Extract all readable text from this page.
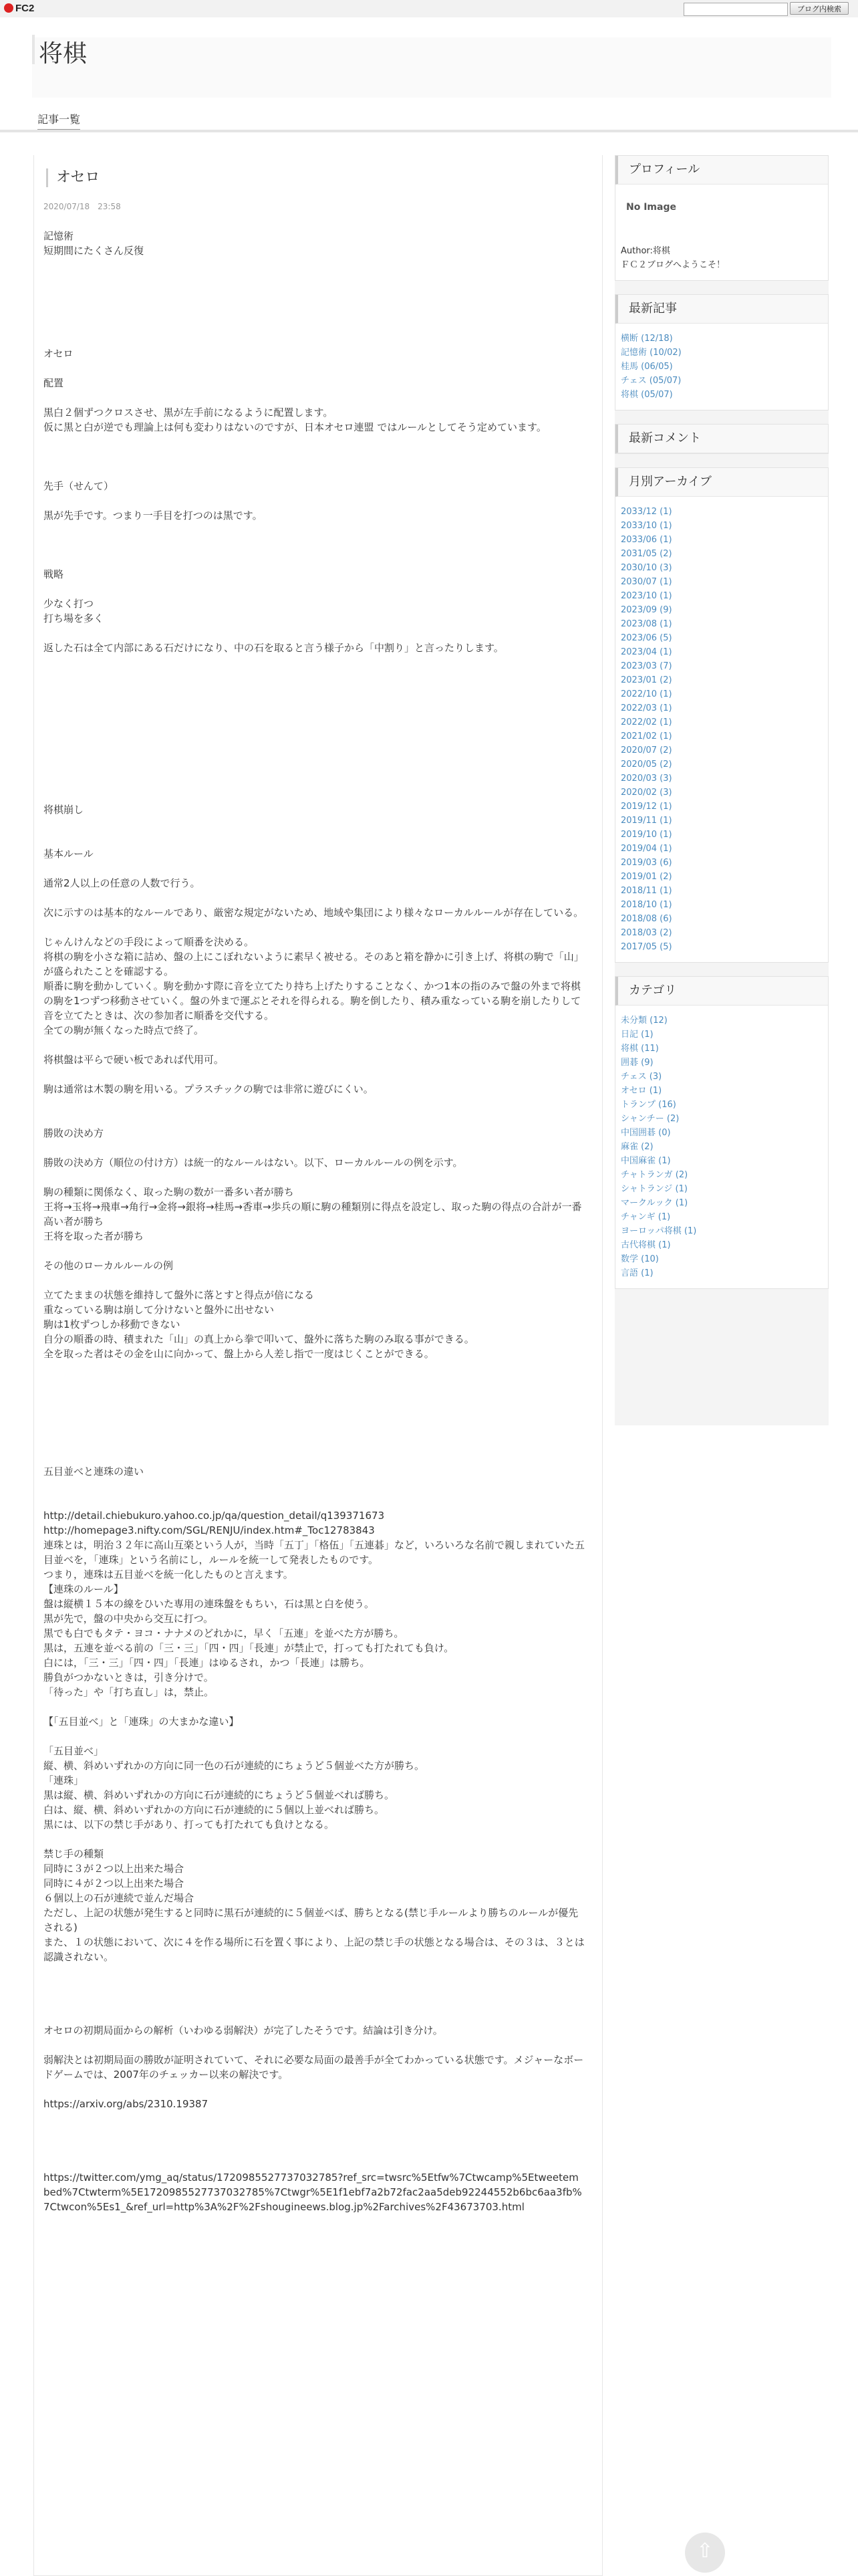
FC2	ブログ内検索
将棋
記事一覧
オセロ
2020/07/18　23:58

記憶術

短期間にたくさん反復

オセロ

配置

黒白２個ずつクロスさせ、黒が左手前になるように配置します。
仮に黒と白が逆でも理論上は何も変わりはないのですが、日本オセロ連盟 ではルールとしてそう定めています。

先手（せんて）

黒が先手です。つまり一手目を打つのは黒です。

戦略

少なく打つ
打ち場を多く

返した石は全て内部にある石だけになり、中の石を取ると言う様子から「中割り」と言ったりします。

将棋崩し

基本ルール

通常2人以上の任意の人数で行う。

次に示すのは基本的なルールであり、厳密な規定がないため、地域や集団により様々なローカルルールが存在している。

じゃんけんなどの手段によって順番を決める。
将棋の駒を小さな箱に詰め、盤の上にこぼれないように素早く被せる。そのあと箱を静かに引き上げ、将棋の駒で「山」が盛られたことを確認する。
順番に駒を動かしていく。駒を動かす際に音を立てたり持ち上げたりすることなく、かつ1本の指のみで盤の外まで将棋の駒を1つずつ移動させていく。盤の外まで運ぶとそれを得られる。駒を倒したり、積み重なっている駒を崩したりして音を立てたときは、次の参加者に順番を交代する。
全ての駒が無くなった時点で終了。

将棋盤は平らで硬い板であれば代用可。

駒は通常は木製の駒を用いる。プラスチックの駒では非常に遊びにくい。

勝敗の決め方

勝敗の決め方（順位の付け方）は統一的なルールはない。以下、ローカルルールの例を示す。

駒の種類に関係なく、取った駒の数が一番多い者が勝ち
王将→玉将→飛車→角行→金将→銀将→桂馬→香車→歩兵の順に駒の種類別に得点を設定し、取った駒の得点の合計が一番高い者が勝ち
王将を取った者が勝ち

その他のローカルルールの例

立てたままの状態を維持して盤外に落とすと得点が倍になる
重なっている駒は崩して分けないと盤外に出せない
駒は1枚ずつしか移動できない
自分の順番の時、積まれた「山」の真上から拳で叩いて、盤外に落ちた駒のみ取る事ができる。
全を取った者はその金を山に向かって、盤上から人差し指で一度はじくことができる。

五目並べと連珠の違い

http://detail.chiebukuro.yahoo.co.jp/qa/question_detail/q139371673
http://homepage3.nifty.com/SGL/RENJU/index.htm#_Toc12783843
連珠とは，明治３２年に高山互楽という人が，当時「五丁」「格伍」「五連碁」など，いろいろな名前で親しまれていた五目並べを，「連珠」という名前にし，ルールを統一して発表したものです。
つまり，連珠は五目並べを統一化したものと言えます。
【連珠のルール】
盤は縦横１５本の線をひいた専用の連珠盤をもちい，石は黒と白を使う。
黒が先で，盤の中央から交互に打つ。
黒でも白でもタテ・ヨコ・ナナメのどれかに，早く「五連」を並べた方が勝ち。
黒は，五連を並べる前の「三・三」「四・四」「長連」が禁止で，打っても打たれても負け。
白には，「三・三」「四・四」「長連」はゆるされ，かつ「長連」は勝ち。
勝負がつかないときは，引き分けで。
「待った」や「打ち直し」は，禁止。

【「五目並べ」と「連珠」の大まかな違い】

「五目並べ」
縦、横、斜めいずれかの方向に同一色の石が連続的にちょうど５個並べた方が勝ち。
「連珠」
黒は縦、横、斜めいずれかの方向に石が連続的にちょうど５個並べれば勝ち。
白は、縦、横、斜めいずれかの方向に石が連続的に５個以上並べれば勝ち。
黒には、以下の禁じ手があり、打っても打たれても負けとなる。

禁じ手の種類
同時に３が２つ以上出来た場合
同時に４が２つ以上出来た場合
６個以上の石が連続で並んだ場合
ただし、上記の状態が発生すると同時に黒石が連続的に５個並べば、勝ちとなる(禁じ手ルールより勝ちのルールが優先される)
また、１の状態において、次に４を作る場所に石を置く事により、上記の禁じ手の状態となる場合は、その３は、３とは認識されない。

オセロの初期局面からの解析（いわゆる弱解決）が完了したそうです。結論は引き分け。

弱解決とは初期局面の勝敗が証明されていて、それに必要な局面の最善手が全てわかっている状態です。メジャーなボードゲームでは、2007年のチェッカー以来の解決です。

https://arxiv.org/abs/2310.19387

https://twitter.com/ymg_aq/status/1720985527737032785?ref_src=twsrc%5Etfw%7Ctwcamp%5Etweetembed%7Ctwterm%5E1720985527737032785%7Ctwgr%5E1f1ebf7a2b72fac2aa5deb92244552b6bc6aa3fb%7Ctwcon%5Es1_&ref_url=http%3A%2F%2Fshougineews.blog.jp%2Farchives%2F43673703.html

プロフィール
No Image
Author:将棋
ＦＣ２ブログへようこそ！
最新記事
横断 (12/18)
記憶術 (10/02)
桂馬 (06/05)
チェス (05/07)
将棋 (05/07)
最新コメント
月別アーカイブ
2033/12 (1)
2033/10 (1)
2033/06 (1)
2031/05 (2)
2030/10 (3)
2030/07 (1)
2023/10 (1)
2023/09 (9)
2023/08 (1)
2023/06 (5)
2023/04 (1)
2023/03 (7)
2023/01 (2)
2022/10 (1)
2022/03 (1)
2022/02 (1)
2021/02 (1)
2020/07 (2)
2020/05 (2)
2020/03 (3)
2020/02 (3)
2019/12 (1)
2019/11 (1)
2019/10 (1)
2019/04 (1)
2019/03 (6)
2019/01 (2)
2018/11 (1)
2018/10 (1)
2018/08 (6)
2018/03 (2)
2017/05 (5)
カテゴリ
未分類 (12)
日記 (1)
将棋 (11)
囲碁 (9)
チェス (3)
オセロ (1)
トランプ (16)
シャンチー (2)
中国囲碁 (0)
麻雀 (2)
中国麻雀 (1)
チャトランガ (2)
シャトランジ (1)
マークルック (1)
チャンギ (1)
ヨーロッパ将棋 (1)
古代将棋 (1)
数学 (10)
言語 (1)
⇧
